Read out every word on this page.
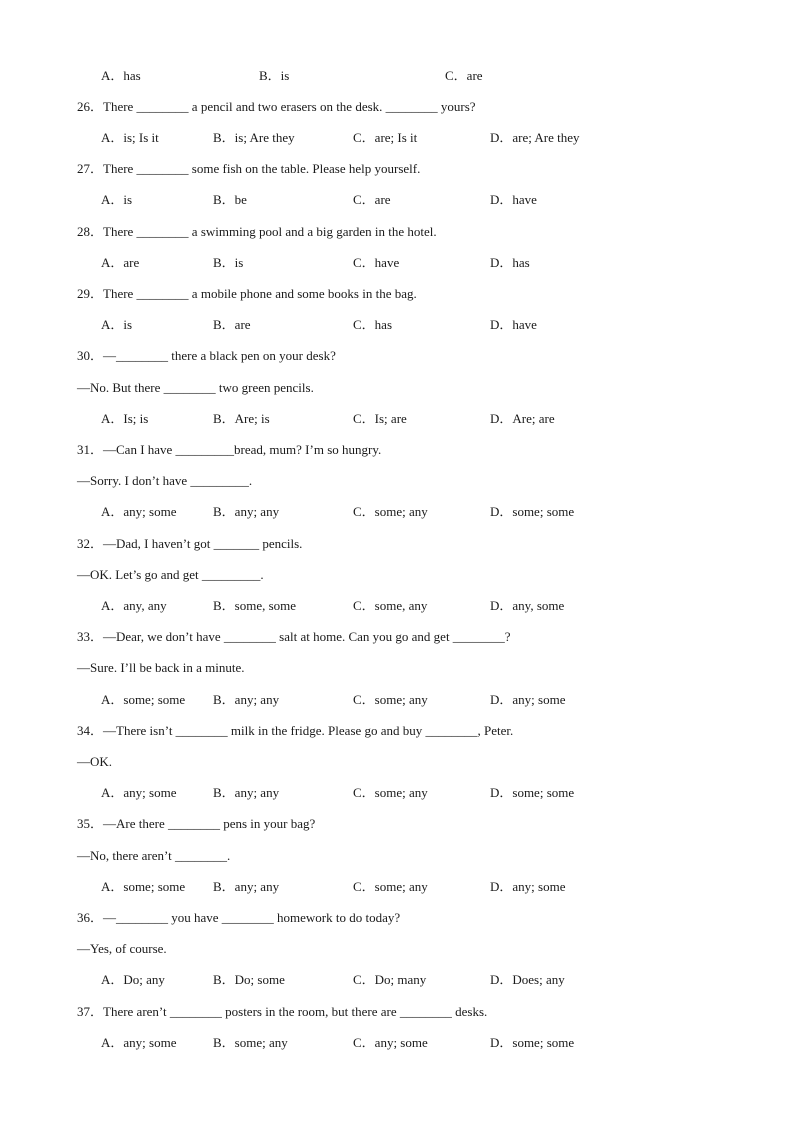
A．has	B．is	C．are
26．There ________ a pencil and two erasers on the desk. ________ yours?
A．is; Is it	B．is; Are they	C．are; Is it	D．are; Are they
27．There ________ some fish on the table. Please help yourself.
A．is	B．be	C．are	D．have
28．There ________ a swimming pool and a big garden in the hotel.
A．are	B．is	C．have	D．has
29．There ________ a mobile phone and some books in the bag.
A．is	B．are	C．has	D．have
30．—________ there a black pen on your desk?
—No. But there ________ two green pencils.
A．Is; is	B．Are; is	C．Is; are	D．Are; are
31．—Can I have _________bread, mum? I’m so hungry.
—Sorry. I don’t have _________.
A．any; some	B．any; any	C．some; any	D．some; some
32．—Dad, I haven’t got _______ pencils.
—OK. Let’s go and get _________.
A．any, any	B．some, some	C．some, any	D．any, some
33．—Dear, we don’t have ________ salt at home. Can you go and get ________?
—Sure. I’ll be back in a minute.
A．some; some B．any; any	C．some; any	D．any; some
34．—There isn’t ________ milk in the fridge. Please go and buy ________, Peter.
—OK.
A．any; some	B．any; any	C．some; any	D．some; some
35．—Are there ________ pens in your bag?
—No, there aren’t ________.
A．some; some B．any; any	C．some; any	D．any; some
36．—________ you have ________ homework to do today?
—Yes, of course.
A．Do; any	B．Do; some	C．Do; many	D．Does; any
37．There aren’t ________ posters in the room, but there are ________ desks.
A．any; some	B．some; any	C．any; some	D．some; some
